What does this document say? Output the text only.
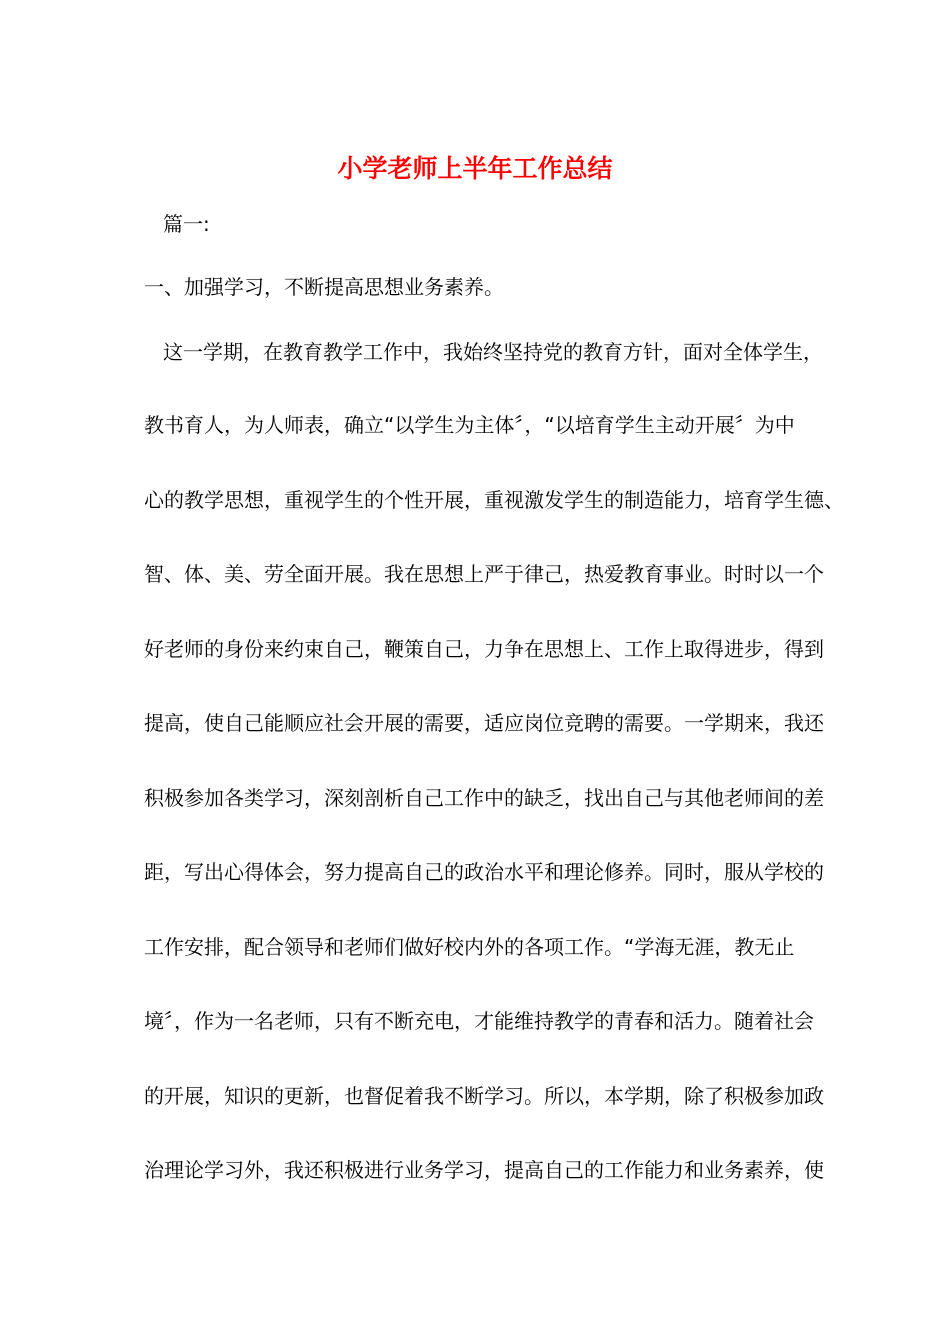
小学老师上半年工作总结
篇一:
一、加强学习，不断提高思想业务素养。
这一学期，在教育教学工作中，我始终坚持党的教育方针，面对全体学生，
教书育人，为人师表，确立“以学生为主体〞，“以培育学生主动开展〞为中
心的教学思想，重视学生的个性开展，重视激发学生的制造能力，培育学生德、
智、体、美、劳全面开展。我在思想上严于律己，热爱教育事业。时时以一个
好老师的身份来约束自己，鞭策自己，力争在思想上、工作上取得进步，得到
提高，使自己能顺应社会开展的需要，适应岗位竞聘的需要。一学期来，我还
积极参加各类学习，深刻剖析自己工作中的缺乏，找出自己与其他老师间的差
距，写出心得体会，努力提高自己的政治水平和理论修养。同时，服从学校的
工作安排，配合领导和老师们做好校内外的各项工作。“学海无涯，教无止
境〞，作为一名老师，只有不断充电，才能维持教学的青春和活力。随着社会
的开展，知识的更新，也督促着我不断学习。所以，本学期，除了积极参加政
治理论学习外，我还积极进行业务学习，提高自己的工作能力和业务素养，使
